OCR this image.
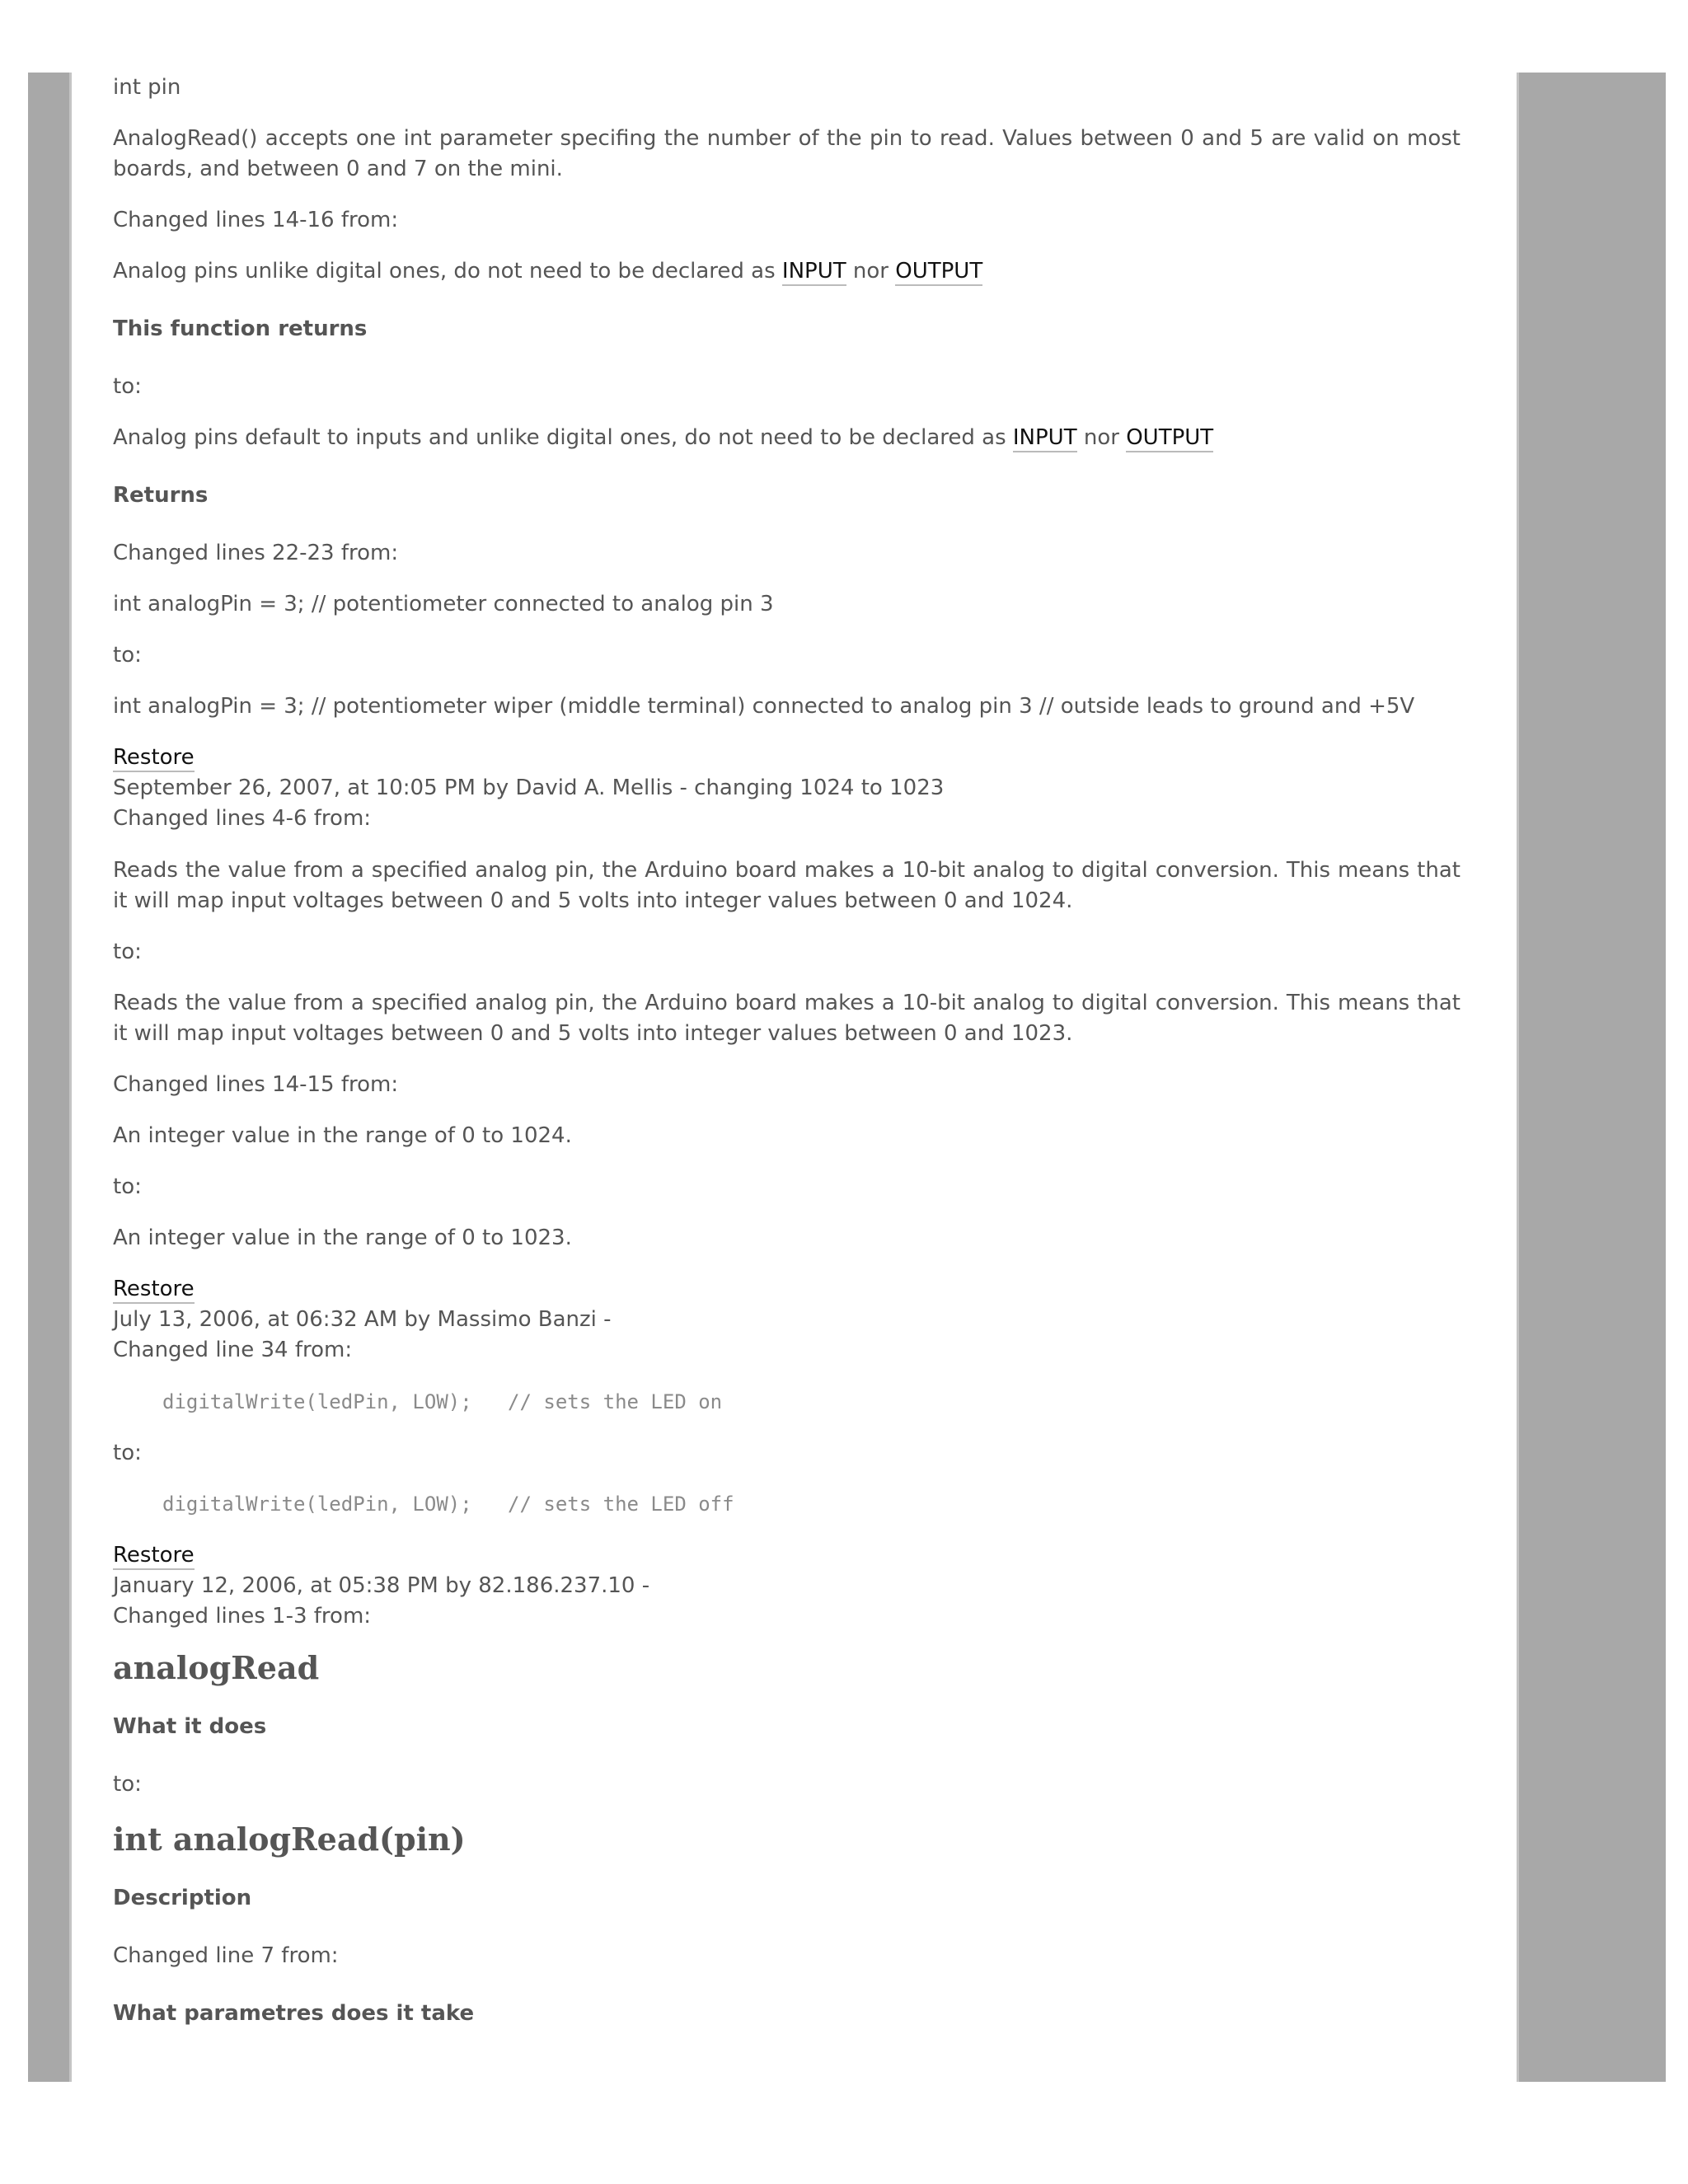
int pin

AnalogRead() accepts one int parameter specifing the number of the pin to read. Values between 0 and 5 are valid on most boards, and between 0 and 7 on the mini.

Changed lines 14-16 from:

Analog pins unlike digital ones, do not need to be declared as INPUT nor OUTPUT

This function returns

to:

Analog pins default to inputs and unlike digital ones, do not need to be declared as INPUT nor OUTPUT

Returns

Changed lines 22-23 from:

int analogPin = 3; // potentiometer connected to analog pin 3

to:

int analogPin = 3; // potentiometer wiper (middle terminal) connected to analog pin 3 // outside leads to ground and +5V

Restore
September 26, 2007, at 10:05 PM by David A. Mellis - changing 1024 to 1023
Changed lines 4-6 from:

Reads the value from a specified analog pin, the Arduino board makes a 10-bit analog to digital conversion. This means that it will map input voltages between 0 and 5 volts into integer values between 0 and 1024.

to:

Reads the value from a specified analog pin, the Arduino board makes a 10-bit analog to digital conversion. This means that it will map input voltages between 0 and 5 volts into integer values between 0 and 1023.

Changed lines 14-15 from:

An integer value in the range of 0 to 1024.

to:

An integer value in the range of 0 to 1023.

Restore
July 13, 2006, at 06:32 AM by Massimo Banzi -
Changed line 34 from:

digitalWrite(ledPin, LOW);   // sets the LED on

to:

digitalWrite(ledPin, LOW);   // sets the LED off

Restore
January 12, 2006, at 05:38 PM by 82.186.237.10 -
Changed lines 1-3 from:
analogRead

What it does

to:

int analogRead(pin)

Description

Changed line 7 from:

What parametres does it take
